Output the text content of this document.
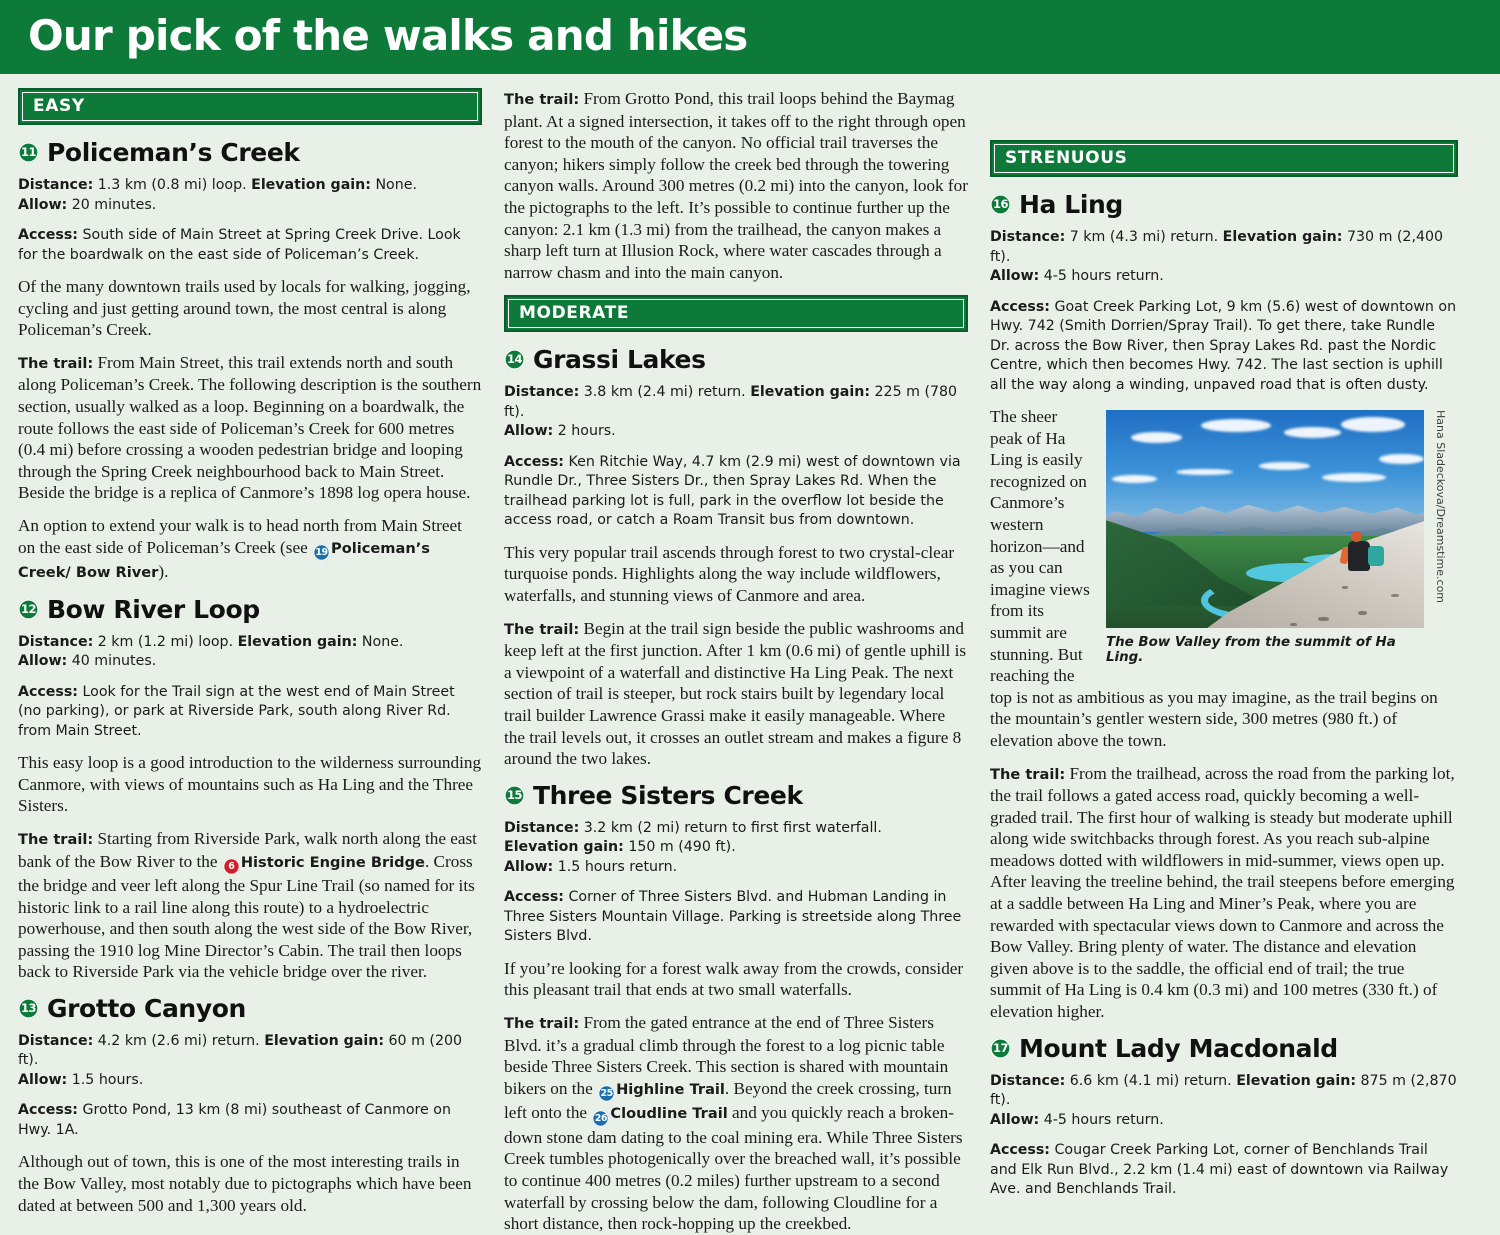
Our pick of the walks and hikes
EASY
11 Policeman’s Creek

Distance: 1.3 km (0.8 mi) loop. Elevation gain: None.
Allow: 20 minutes.

Access: South side of Main Street at Spring Creek Drive. Look for the boardwalk on the east side of Policeman’s Creek.

Of the many downtown trails used by locals for walking, jogging, cycling and just getting around town, the most central is along Policeman’s Creek.

The trail: From Main Street, this trail extends north and south along Policeman’s Creek. The following description is the southern section, usually walked as a loop. Beginning on a boardwalk, the route follows the east side of Policeman’s Creek for 600 metres (0.4 mi) before crossing a wooden pedestrian bridge and looping through the Spring Creek neighbourhood back to Main Street. Beside the bridge is a replica of Canmore’s 1898 log opera house.

An option to extend your walk is to head north from Main Street on the east side of Policeman’s Creek (see 19 Policeman’s Creek/ Bow River).

12 Bow River Loop

Distance: 2 km (1.2 mi) loop. Elevation gain: None.
Allow: 40 minutes.

Access: Look for the Trail sign at the west end of Main Street (no parking), or park at Riverside Park, south along River Rd. from Main Street.

This easy loop is a good introduction to the wilderness surrounding Canmore, with views of mountains such as Ha Ling and the Three Sisters.

The trail: Starting from Riverside Park, walk north along the east bank of the Bow River to the 6 Historic Engine Bridge. Cross the bridge and veer left along the Spur Line Trail (so named for its historic link to a rail line along this route) to a hydroelectric powerhouse, and then south along the west side of the Bow River, passing the 1910 log Mine Director’s Cabin. The trail then loops back to Riverside Park via the vehicle bridge over the river.

13 Grotto Canyon

Distance: 4.2 km (2.6 mi) return. Elevation gain: 60 m (200 ft).
Allow: 1.5 hours.

Access: Grotto Pond, 13 km (8 mi) southeast of Canmore on Hwy. 1A.

Although out of town, this is one of the most interesting trails in the Bow Valley, most notably due to pictographs which have been dated at between 500 and 1,300 years old.

The trail: From Grotto Pond, this trail loops behind the Baymag plant. At a signed intersection, it takes off to the right through open forest to the mouth of the canyon. No official trail traverses the canyon; hikers simply follow the creek bed through the towering canyon walls. Around 300 metres (0.2 mi) into the canyon, look for the pictographs to the left. It’s possible to continue further up the canyon: 2.1 km (1.3 mi) from the trailhead, the canyon makes a sharp left turn at Illusion Rock, where water cascades through a narrow chasm and into the main canyon.

MODERATE
14 Grassi Lakes

Distance: 3.8 km (2.4 mi) return. Elevation gain: 225 m (780 ft).
Allow: 2 hours.

Access: Ken Ritchie Way, 4.7 km (2.9 mi) west of downtown via Rundle Dr., Three Sisters Dr., then Spray Lakes Rd. When the trailhead parking lot is full, park in the overflow lot beside the access road, or catch a Roam Transit bus from downtown.

This very popular trail ascends through forest to two crystal-clear turquoise ponds. Highlights along the way include wildflowers, waterfalls, and stunning views of Canmore and area.

The trail: Begin at the trail sign beside the public washrooms and keep left at the first junction. After 1 km (0.6 mi) of gentle uphill is a viewpoint of a waterfall and distinctive Ha Ling Peak. The next section of trail is steeper, but rock stairs built by legendary local trail builder Lawrence Grassi make it easily manageable. Where the trail levels out, it crosses an outlet stream and makes a figure 8 around the two lakes.

15 Three Sisters Creek

Distance: 3.2 km (2 mi) return to first first waterfall.
Elevation gain: 150 m (490 ft).
Allow: 1.5 hours return.

Access: Corner of Three Sisters Blvd. and Hubman Landing in Three Sisters Mountain Village. Parking is streetside along Three Sisters Blvd.

If you’re looking for a forest walk away from the crowds, consider this pleasant trail that ends at two small waterfalls.

The trail: From the gated entrance at the end of Three Sisters Blvd. it’s a gradual climb through the forest to a log picnic table beside Three Sisters Creek. This section is shared with mountain bikers on the 25 Highline Trail. Beyond the creek crossing, turn left onto the 26 Cloudline Trail and you quickly reach a broken-down stone dam dating to the coal mining era. While Three Sisters Creek tumbles photogenically over the breached wall, it’s possible to continue 400 metres (0.2 miles) further upstream to a second waterfall by crossing below the dam, following Cloudline for a short distance, then rock-hopping up the creekbed.

STRENUOUS
16 Ha Ling

Distance: 7 km (4.3 mi) return. Elevation gain: 730 m (2,400 ft).
Allow: 4-5 hours return.

Access: Goat Creek Parking Lot, 9 km (5.6) west of downtown on Hwy. 742 (Smith Dorrien/Spray Trail). To get there, take Rundle Dr. across the Bow River, then Spray Lakes Rd. past the Nordic Centre, which then becomes Hwy. 742. The last section is uphill all the way along a winding, unpaved road that is often dusty.

Hana Sladeckova/Dreamstime.com
The Bow Valley from the summit of Ha Ling.

The sheer peak of Ha Ling is easily recognized on Canmore’s western horizon—and as you can imagine views from its summit are stunning. But reaching the top is not as ambitious as you may imagine, as the trail begins on the mountain’s gentler western side, 300 metres (980 ft.) of elevation above the town.

The trail: From the trailhead, across the road from the parking lot, the trail follows a gated access road, quickly becoming a well-graded trail. The first hour of walking is steady but moderate uphill along wide switchbacks through forest. As you reach sub-alpine meadows dotted with wildflowers in mid-summer, views open up. After leaving the treeline behind, the trail steepens before emerging at a saddle between Ha Ling and Miner’s Peak, where you are rewarded with spectacular views down to Canmore and across the Bow Valley. Bring plenty of water. The distance and elevation given above is to the saddle, the official end of trail; the true summit of Ha Ling is 0.4 km (0.3 mi) and 100 metres (330 ft.) of elevation higher.

17 Mount Lady Macdonald

Distance: 6.6 km (4.1 mi) return. Elevation gain: 875 m (2,870 ft).
Allow: 4-5 hours return.

Access: Cougar Creek Parking Lot, corner of Benchlands Trail and Elk Run Blvd., 2.2 km (1.4 mi) east of downtown via Railway Ave. and Benchlands Trail.
